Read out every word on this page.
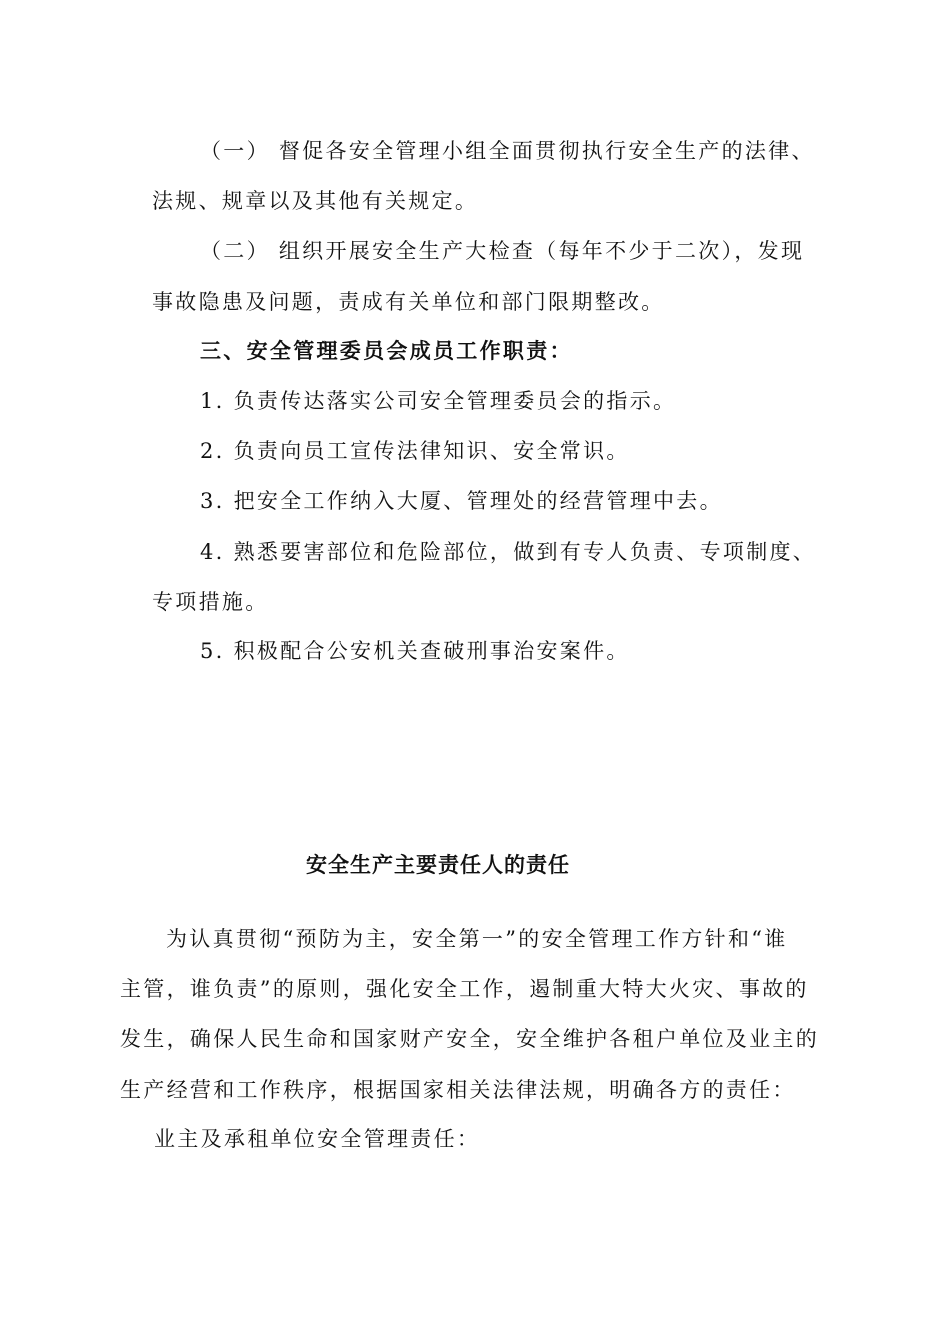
（一） 督促各安全管理小组全面贯彻执行安全生产的法律、
法规、规章以及其他有关规定。
（二） 组织开展安全生产大检查（每年不少于二次），发现
事故隐患及问题，责成有关单位和部门限期整改。
三、安全管理委员会成员工作职责：
1. 负责传达落实公司安全管理委员会的指示。
2. 负责向员工宣传法律知识、安全常识。
3. 把安全工作纳入大厦、管理处的经营管理中去。
4. 熟悉要害部位和危险部位，做到有专人负责、专项制度、
专项措施。
5. 积极配合公安机关查破刑事治安案件。
安全生产主要责任人的责任
为认真贯彻“预防为主，安全第一”的安全管理工作方针和“谁
主管，谁负责”的原则，强化安全工作，遏制重大特大火灾、事故的
发生，确保人民生命和国家财产安全，安全维护各租户单位及业主的
生产经营和工作秩序，根据国家相关法律法规，明确各方的责任：
业主及承租单位安全管理责任：
